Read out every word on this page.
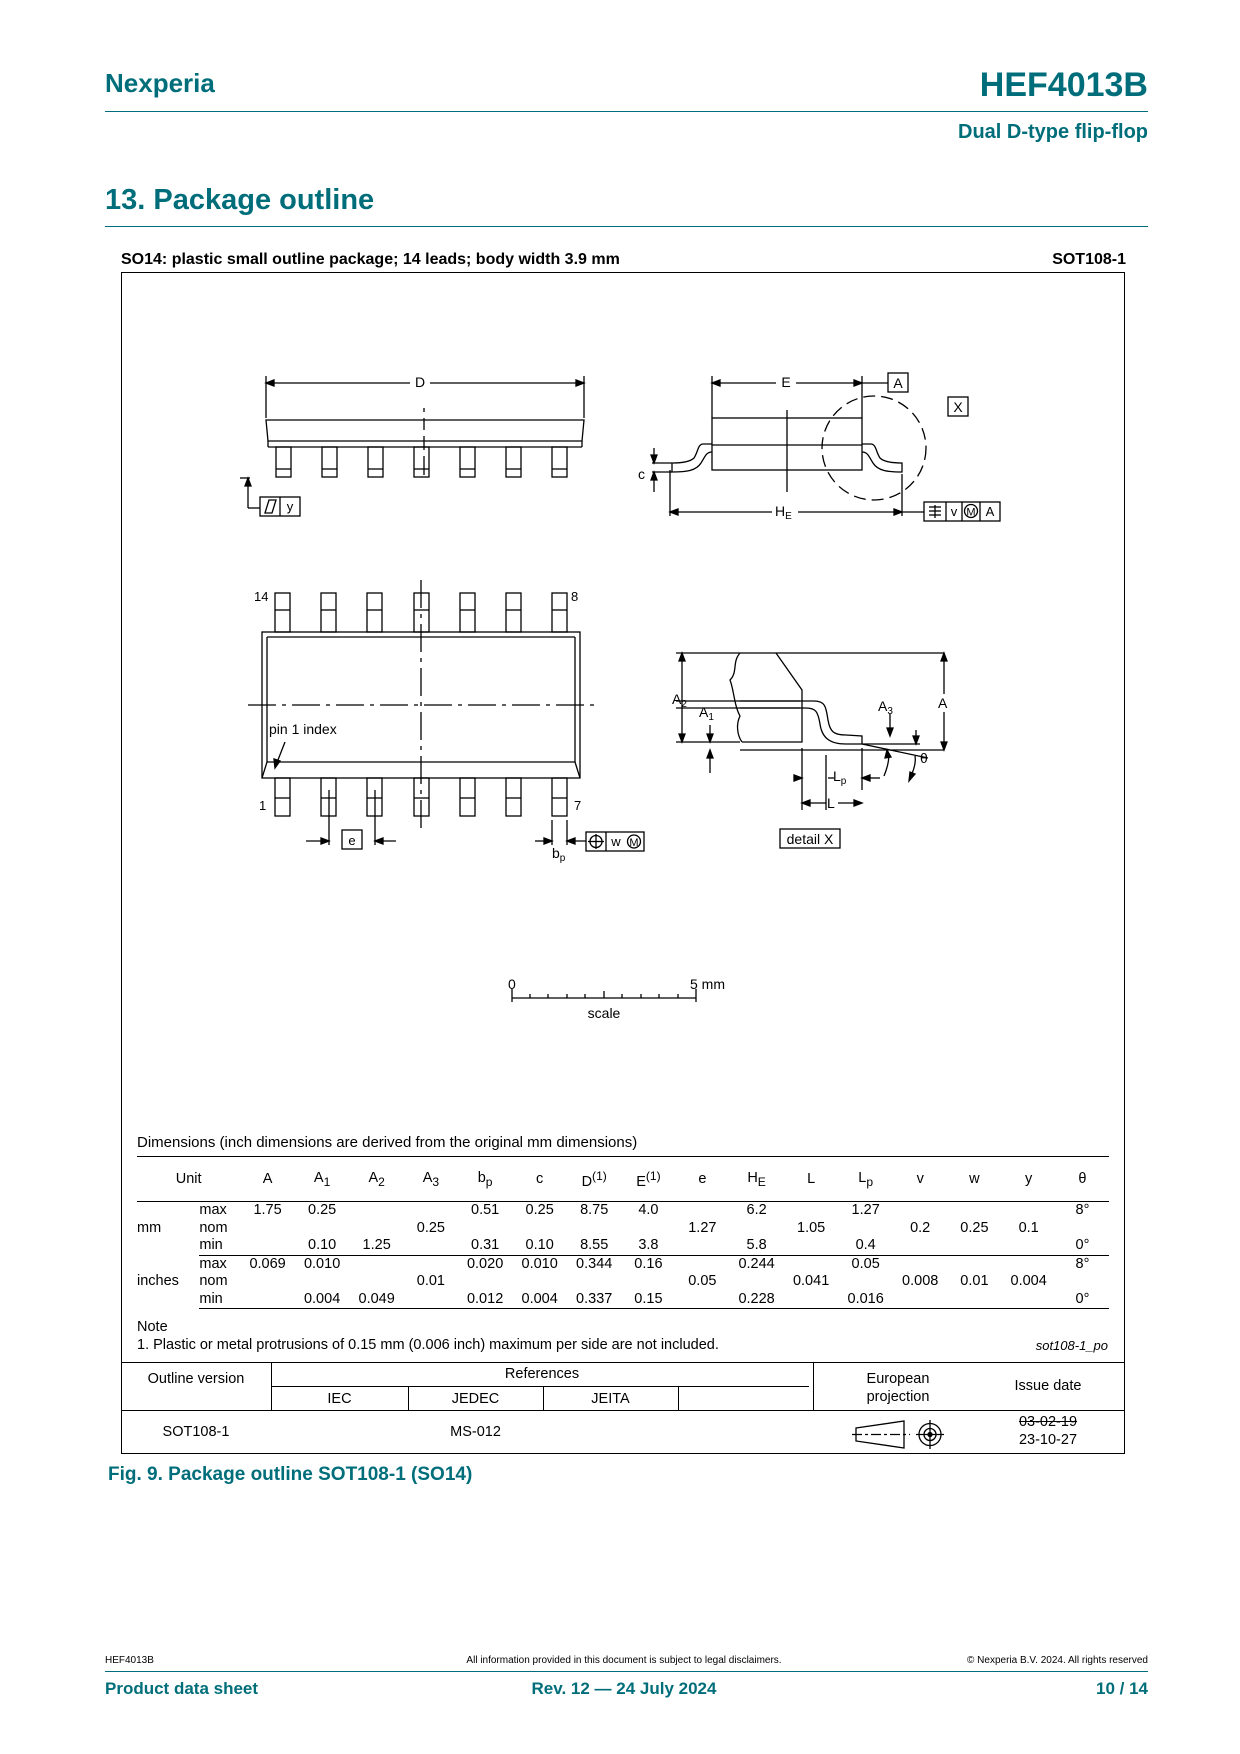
Nexperia	HEF4013B
Dual D-type flip-flop
13. Package outline
SO14: plastic small outline package; 14 leads; body width 3.9 mm	SOT108-1
D
y
E	A
X
$H_E$	v M A
c
14	8
1	7
pin 1 index
e
$b_p$
w M
$A_2$ $A_1$
A
$A_3$
θ
$L_p$
L
detail X
0	5 mm
scale
Dimensions (inch dimensions are derived from the original mm dimensions)
Unit		A	$A_1$	$A_2$	$A_3$	$b_p$	c	$D^{(1)}$	$E^{(1)}$	e	$H_E$	L	$L_p$	v	w	y	θ
mm	max	1.75	0.25			0.51	0.25	8.75	4.0		6.2		1.27				8°
	nom				0.25					1.27		1.05		0.2	0.25	0.1	
	min		0.10	1.25		0.31	0.10	8.55	3.8		5.8		0.4				0°
inches	max	0.069	0.010			0.020	0.010	0.344	0.16		0.244		0.05				8°
	nom				0.01					0.05		0.041		0.008	0.01	0.004	
	min		0.004	0.049		0.012	0.004	0.337	0.15		0.228		0.016				0°
Note
1. Plastic or metal protrusions of 0.15 mm (0.006 inch) maximum per side are not included.	sot108-1_po
Outline version	References
IEC	JEDEC	JEITA
European projection
Issue date
SOT108-1	MS-012
03-02-19
23-10-27
Fig. 9. Package outline SOT108-1 (SO14)
HEF4013B	All information provided in this document is subject to legal disclaimers.	© Nexperia B.V. 2024. All rights reserved
Product data sheet	Rev. 12 — 24 July 2024	10 / 14
